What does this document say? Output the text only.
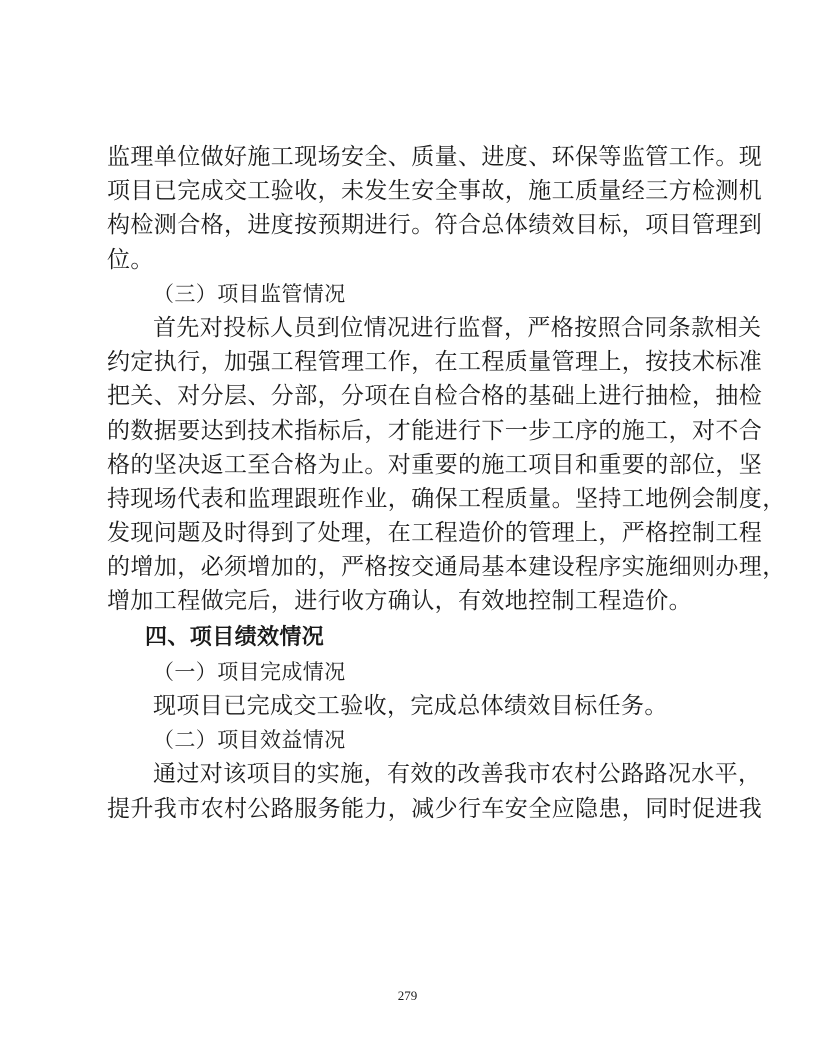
监理单位做好施工现场安全、质量、进度、环保等监管工作。现
项目已完成交工验收，未发生安全事故，施工质量经三方检测机
构检测合格，进度按预期进行。符合总体绩效目标，项目管理到
位。
（三）项目监管情况
首先对投标人员到位情况进行监督，严格按照合同条款相关
约定执行，加强工程管理工作，在工程质量管理上，按技术标准
把关、对分层、分部，分项在自检合格的基础上进行抽检，抽检
的数据要达到技术指标后，才能进行下一步工序的施工，对不合
格的坚决返工至合格为止。对重要的施工项目和重要的部位，坚
持现场代表和监理跟班作业，确保工程质量。坚持工地例会制度，
发现问题及时得到了处理，在工程造价的管理上，严格控制工程
的增加，必须增加的，严格按交通局基本建设程序实施细则办理，
增加工程做完后，进行收方确认，有效地控制工程造价。
四、项目绩效情况
（一）项目完成情况
现项目已完成交工验收，完成总体绩效目标任务。
（二）项目效益情况
通过对该项目的实施，有效的改善我市农村公路路况水平，
提升我市农村公路服务能力，减少行车安全应隐患，同时促进我
279
